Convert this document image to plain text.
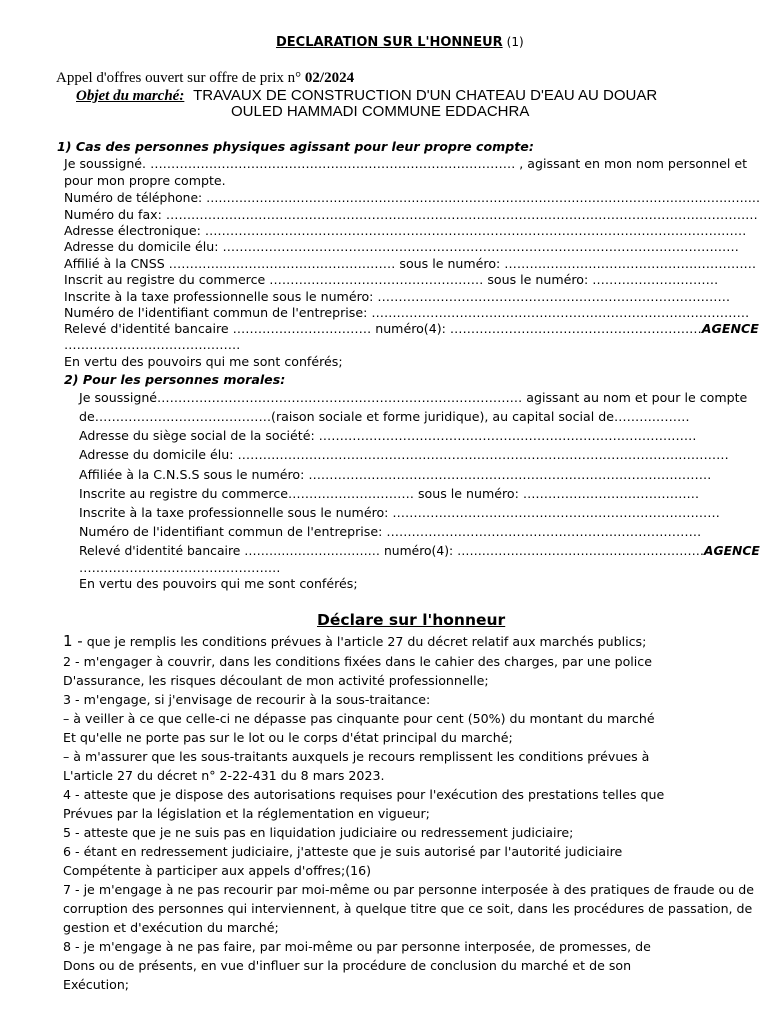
DECLARATION SUR L'HONNEUR (1)
Appel d'offres ouvert sur offre de prix n° 02/2024
Objet du marché: TRAVAUX DE CONSTRUCTION D'UN CHATEAU D'EAU AU DOUAR
OULED HAMMADI COMMUNE EDDACHRA
1) Cas des personnes physiques agissant pour leur propre compte:
Je soussigné. …………………………………………………………………………… , agissant en mon nom personnel et
pour mon propre compte.
Numéro de téléphone: ………………………………………………………………………………………………………………………
Numéro du fax: ……………………………………………………………………………………………………………………………
Adresse électronique: …………………………………………………………………………………………………………………
Adresse du domicile élu: ……………………………………………………………………………………………………………
Affilié à la CNSS ……………………………………………… sous le numéro: ……………………………………………………
Inscrit au registre du commerce …………………………………………… sous le numéro: …………………………
Inscrite à la taxe professionnelle sous le numéro: …………………………………………………………………………
Numéro de l'identifiant commun de l'entreprise: ………………………………………………………………………………
Relevé d'identité bancaire …………………………… numéro(4): ……………………………………………………AGENCE
……………………………………
En vertu des pouvoirs qui me sont conférés;
2) Pour les personnes morales:
Je soussigné…………………………………………………………………………… agissant au nom et pour le compte
de……………………………………(raison sociale et forme juridique), au capital social de………………
Adresse du siège social de la société: ………………………………………………………………………………
Adresse du domicile élu: ………………………………………………………………………………………………………
Affiliée à la C.N.S.S sous le numéro: ……………………………………………………………………………………
Inscrite au registre du commerce………………………… sous le numéro: ……………………………………
Inscrite à la taxe professionnelle sous le numéro: ……………………………………………………………………
Numéro de l'identifiant commun de l'entreprise: …………………………………………………………………
Relevé d'identité bancaire …………………………… numéro(4): ……………………………………………………AGENCE
…………………………………………
En vertu des pouvoirs qui me sont conférés;
Déclare sur l'honneur
1 - que je remplis les conditions prévues à l'article 27 du décret relatif aux marchés publics;
2 - m'engager à couvrir, dans les conditions fixées dans le cahier des charges, par une police
D'assurance, les risques découlant de mon activité professionnelle;
3 - m'engage, si j'envisage de recourir à la sous-traitance:
– à veiller à ce que celle-ci ne dépasse pas cinquante pour cent (50%) du montant du marché
Et qu'elle ne porte pas sur le lot ou le corps d'état principal du marché;
– à m'assurer que les sous-traitants auxquels je recours remplissent les conditions prévues à
L'article 27 du décret n° 2-22-431 du 8 mars 2023.
4 - atteste que je dispose des autorisations requises pour l'exécution des prestations telles que
Prévues par la législation et la réglementation en vigueur;
5 - atteste que je ne suis pas en liquidation judiciaire ou redressement judiciaire;
6 - étant en redressement judiciaire, j'atteste que je suis autorisé par l'autorité judiciaire
Compétente à participer aux appels d'offres;(16)
7 - je m'engage à ne pas recourir par moi-même ou par personne interposée à des pratiques de fraude ou de
corruption des personnes qui interviennent, à quelque titre que ce soit, dans les procédures de passation, de
gestion et d'exécution du marché;
8 - je m'engage à ne pas faire, par moi-même ou par personne interposée, de promesses, de
Dons ou de présents, en vue d'influer sur la procédure de conclusion du marché et de son
Exécution;
